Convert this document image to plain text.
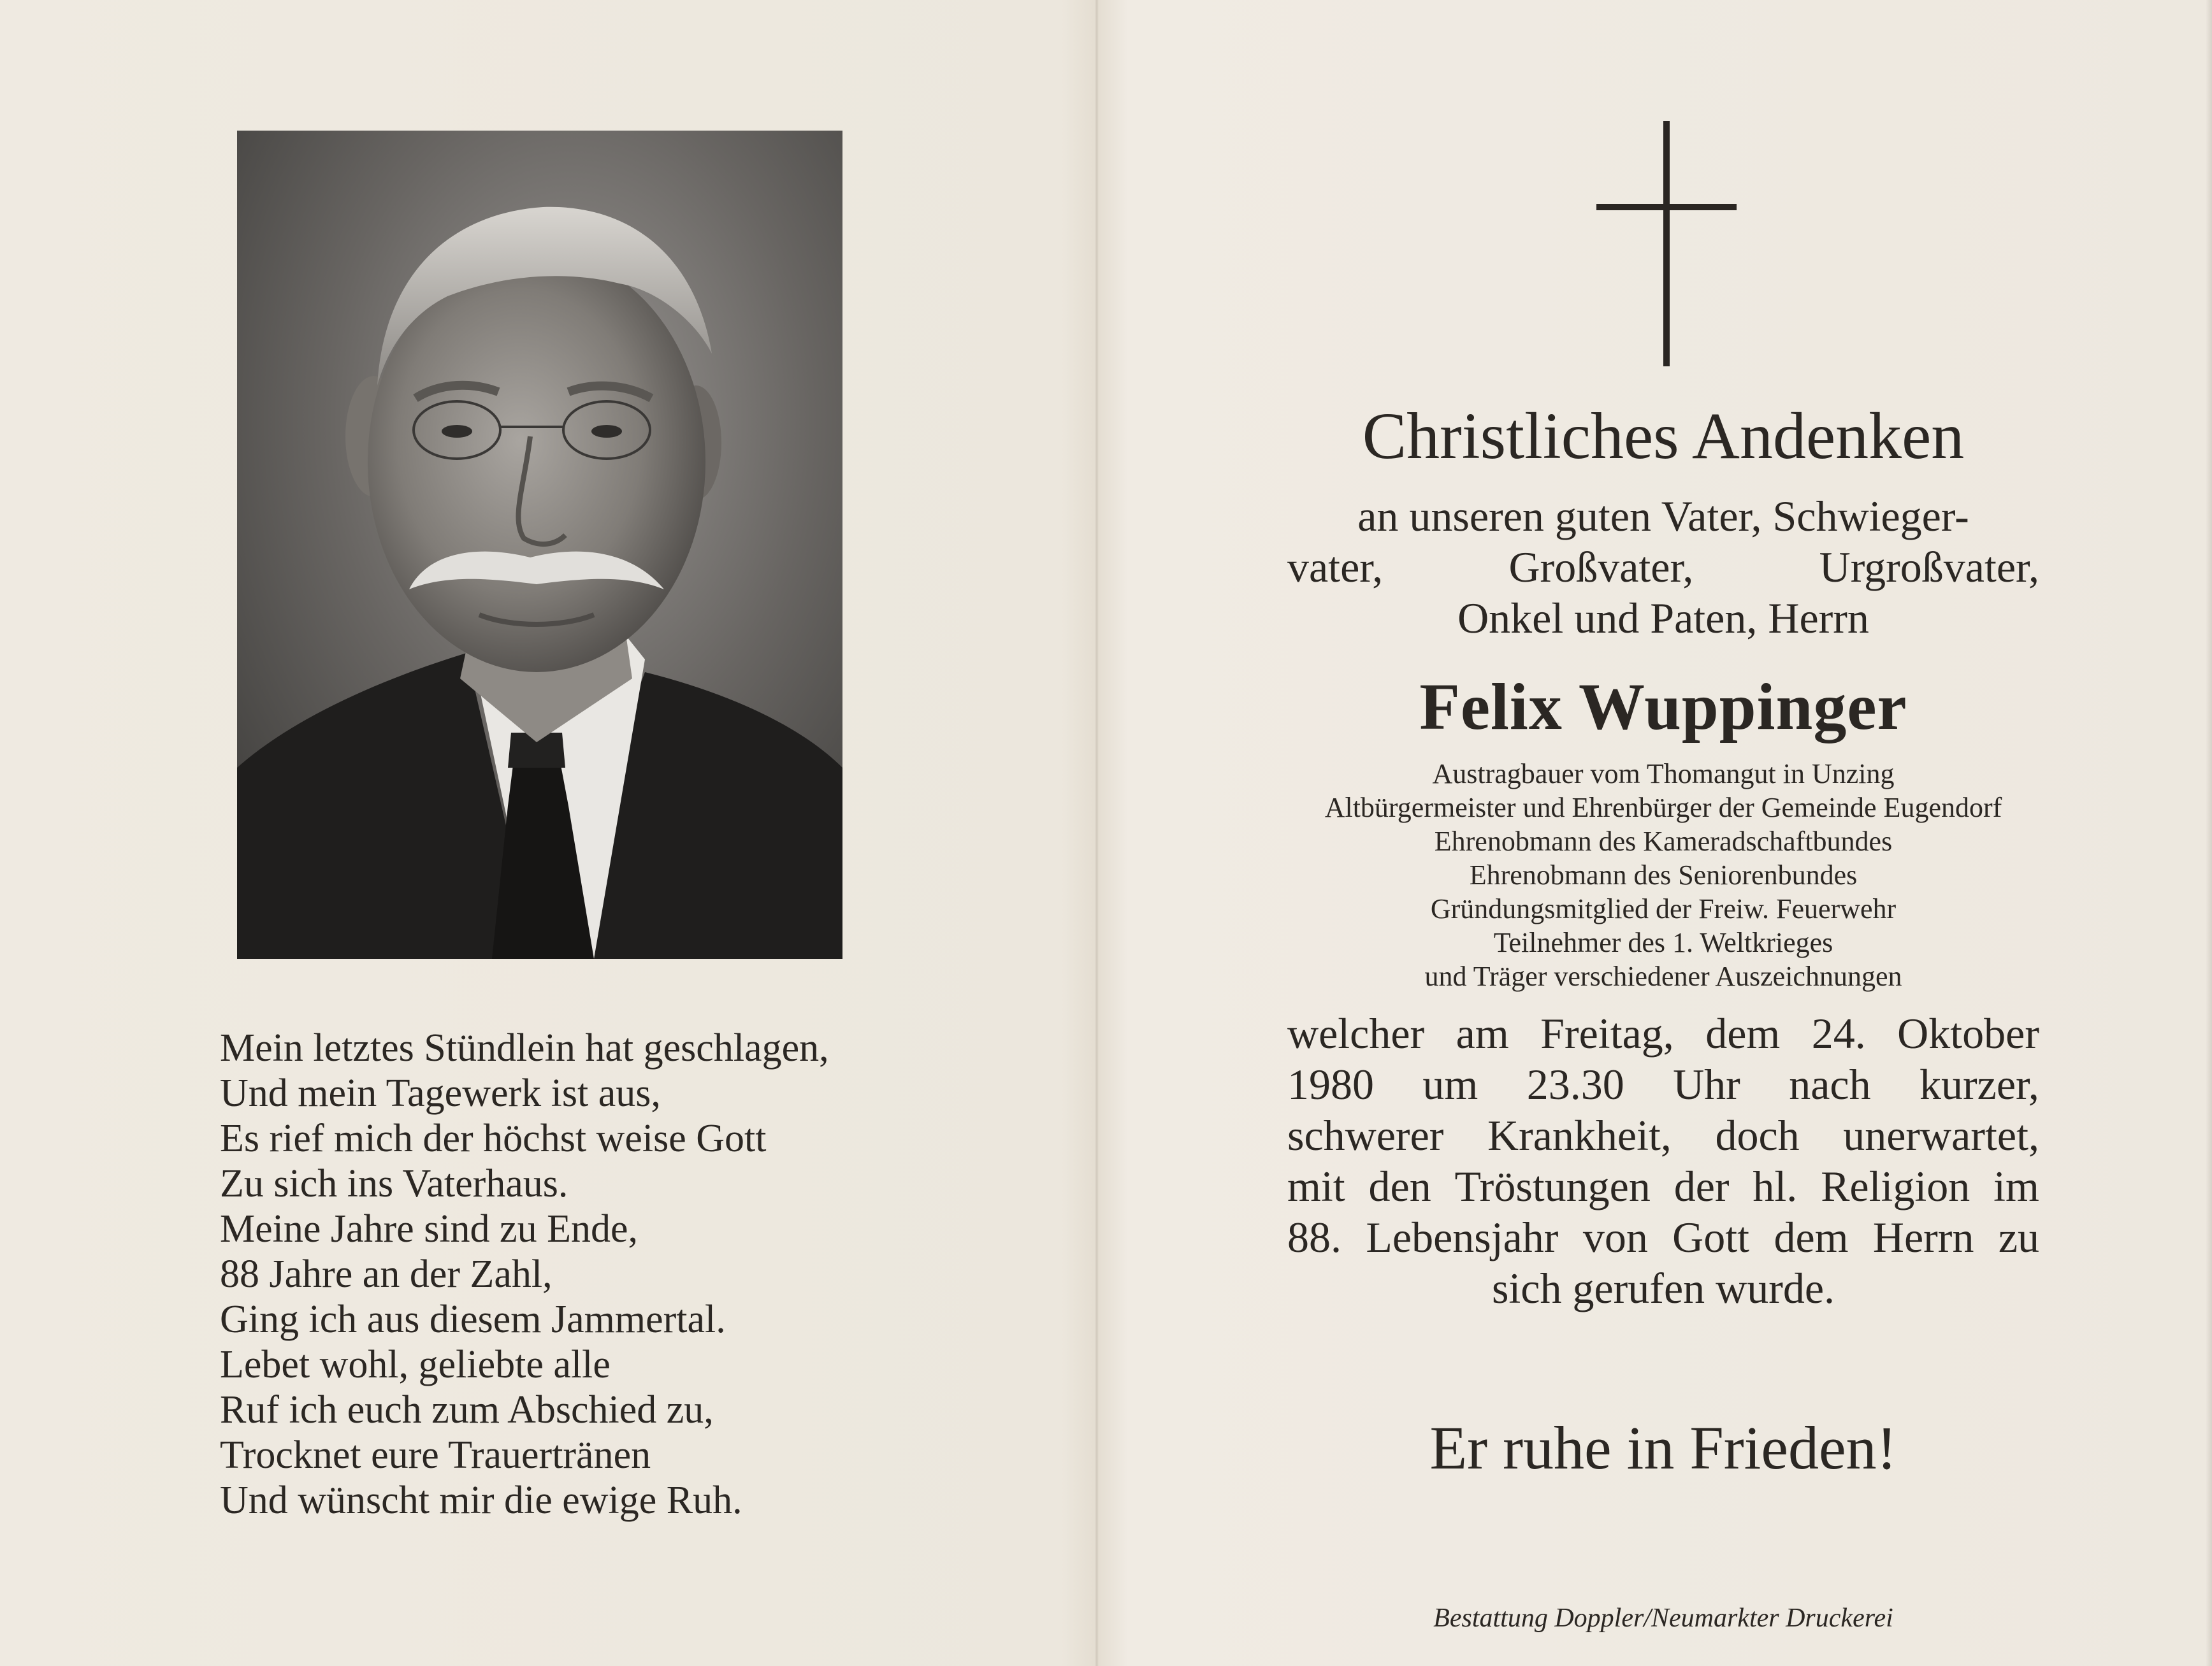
Mein letztes Stündlein hat geschlagen,
Und mein Tagewerk ist aus,
Es rief mich der höchst weise Gott
Zu sich ins Vaterhaus.
Meine Jahre sind zu Ende,
88 Jahre an der Zahl,
Ging ich aus diesem Jammertal.
Lebet wohl, geliebte alle
Ruf ich euch zum Abschied zu,
Trocknet eure Trauertränen
Und wünscht mir die ewige Ruh.
Christliches Andenken
an unseren guten Vater, Schwieger-
vater,	Großvater,	Urgroßvater,
Onkel und Paten, Herrn
Felix Wuppinger
Austragbauer vom Thomangut in Unzing
Altbürgermeister und Ehrenbürger der Gemeinde Eugendorf
Ehrenobmann des Kameradschaftbundes
Ehrenobmann des Seniorenbundes
Gründungsmitglied der Freiw. Feuerwehr
Teilnehmer des 1. Weltkrieges
und Träger verschiedener Auszeichnungen
welcher am Freitag, dem 24. Oktober
1980 um 23.30 Uhr nach kurzer,
schwerer Krankheit, doch unerwartet,
mit den Tröstungen der hl. Religion im
88. Lebensjahr von Gott dem Herrn zu
sich gerufen wurde.
Er ruhe in Frieden!
Bestattung Doppler/Neumarkter Druckerei
